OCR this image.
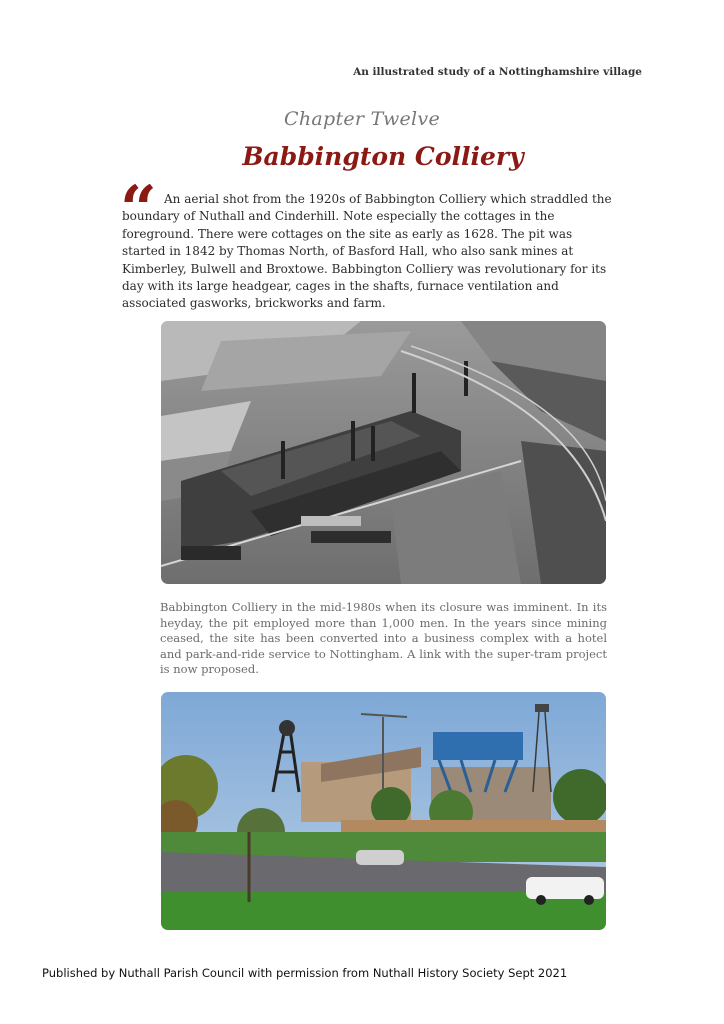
An illustrated study of a Nottinghamshire village
Chapter Twelve
Babbington Colliery
“ An aerial shot from the 1920s of Babbington Colliery which straddled the boundary of Nuthall and Cinderhill. Note especially the cottages in the foreground. There were cottages on the site as early as 1628. The pit was started in 1842 by Thomas North, of Basford Hall, who also sank mines at Kimberley, Bulwell and Broxtowe. Babbington Colliery was revolutionary for its day with its large headgear, cages in the shafts, furnace ventilation and associated gasworks, brickworks and farm.
Babbington Colliery in the mid-1980s when its closure was imminent. In its heyday, the pit employed more than 1,000 men. In the years since mining ceased, the site has been converted into a business complex with a hotel and park-and-ride service to Nottingham. A link with the super-tram project is now proposed.
Published by Nuthall Parish Council with permission from Nuthall History Society Sept 2021
